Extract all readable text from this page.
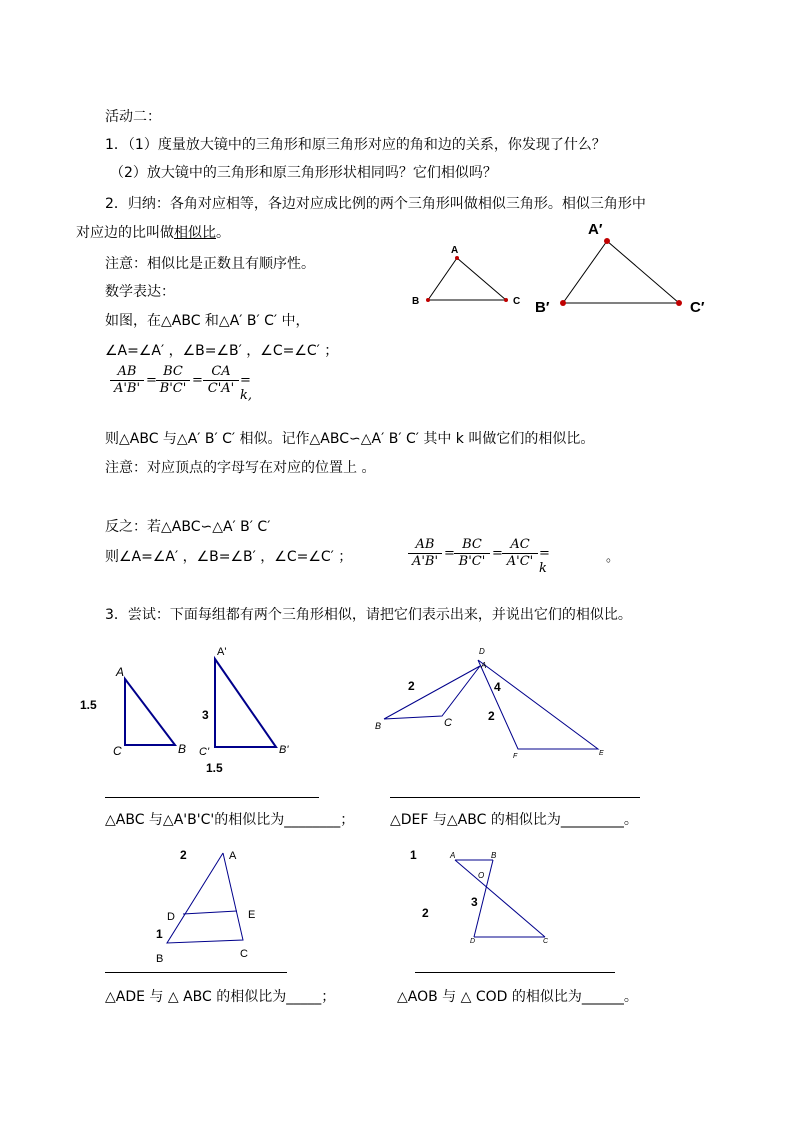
活动二：
1．（1）度量放大镜中的三角形和原三角形对应的角和边的关系，你发现了什么？
（2）放大镜中的三角形和原三角形形状相同吗？它们相似吗？
2．归纳：各角对应相等，各边对应成比例的两个三角形叫做相似三角形。相似三角形中
对应边的比叫做相似比。
注意：相似比是正数且有顺序性。
数学表达：
如图，在△ABC 和△A′ B′ C′ 中，
∠A=∠A′ ，∠B=∠B′ ，∠C=∠C′ ；
$\frac{AB}{A'B'} = \frac{BC}{B'C'} = \frac{CA}{C'A'} = k$,
则△ABC 与△A′ B′ C′ 相似。记作△ABC∽△A′ B′ C′ 其中 k 叫做它们的相似比。
注意：对应顶点的字母写在对应的位置上 。
反之：若△ABC∽△A′ B′ C′
则∠A=∠A′ ，∠B=∠B′ ，∠C=∠C′ ；	$\frac{AB}{A'B'} = \frac{BC}{B'C'} = \frac{AC}{A'C'} = k$
。
3．尝试：下面每组都有两个三角形相似，请把它们表示出来，并说出它们的相似比。
△ABC 与△A'B'C'的相似比为________；	△DEF 与△ABC 的相似比为_________。
△ADE 与 △ ABC 的相似比为_____；	△AOB 与 △ COD 的相似比为______。
A
B	C
A′
B′	C′
A
B
C
1.5
A'
B'
C'
3
1.5
D
A
B	C
E
F
2	4
2
A
B	C
D	E
2
1
A	B
O
C
D
1
2
3
